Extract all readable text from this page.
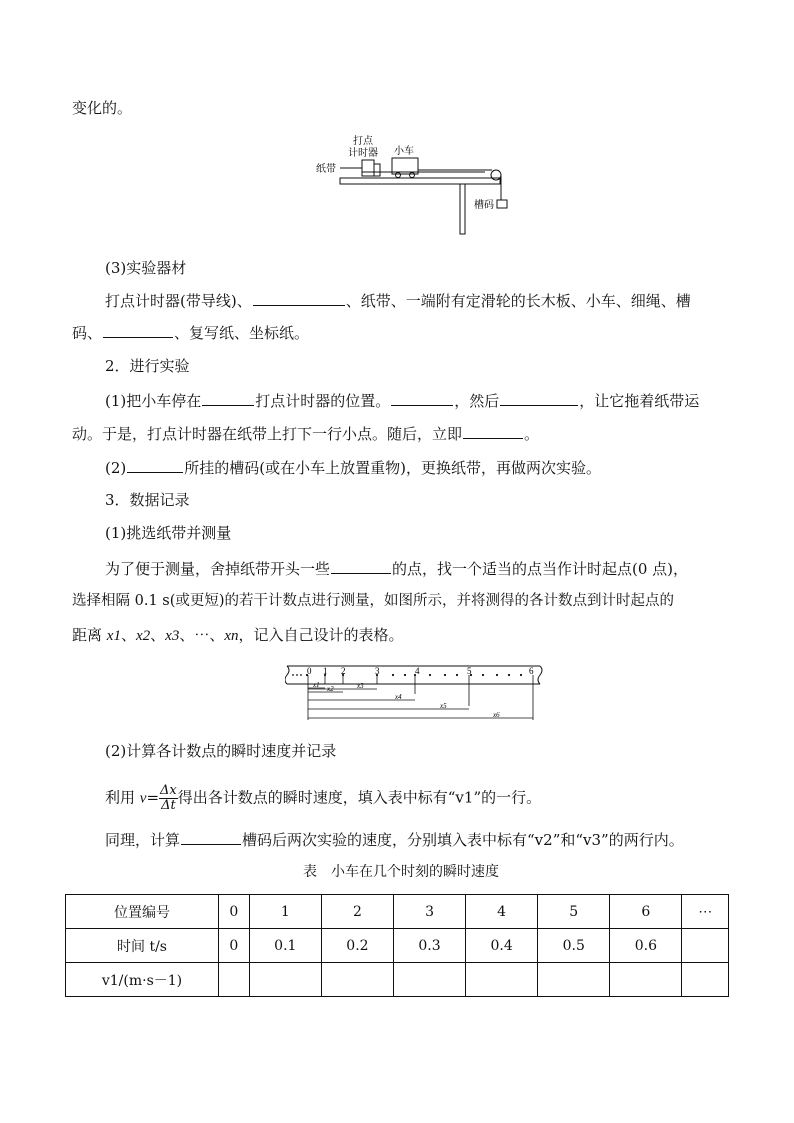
变化的。
打点
计时器 小车
纸带
槽码
(3)实验器材
打点计时器(带导线)、	、纸带、一端附有定滑轮的长木板、小车、细绳、槽
码、	、复写纸、坐标纸。
2．进行实验
(1)把小车停在	打点计时器的位置。	，然后	，让它拖着纸带运
动。于是，打点计时器在纸带上打下一行小点。随后，立即	。
(2)	所挂的槽码(或在小车上放置重物)，更换纸带，再做两次实验。
3．数据记录
(1)挑选纸带并测量
为了便于测量，舍掉纸带开头一些	的点，找一个适当的点当作计时起点(0 点)，
选择相隔 0.1 s(或更短)的若干计数点进行测量，如图所示，并将测得的各计数点到计时起点的
距离 x1、x2、x3、⋯、xn，记入自己设计的表格。
0 1 2	3	4	5	6
x1 x2	x3
x4
x5
x6
(2)计算各计数点的瞬时速度并记录
利用 $v= \frac{\Delta x}{\Delta t}$ 得出各计数点的瞬时速度，填入表中标有“v1”的一行。
同理，计算	槽码后两次实验的速度，分别填入表中标有“v2”和“v3”的两行内。
表　小车在几个时刻的瞬时速度
位置编号	0	1	2	3	4	5	6	⋯
时间 t/s	0	0.1	0.2	0.3	0.4	0.5	0.6	
v1/(m·s－1)								
